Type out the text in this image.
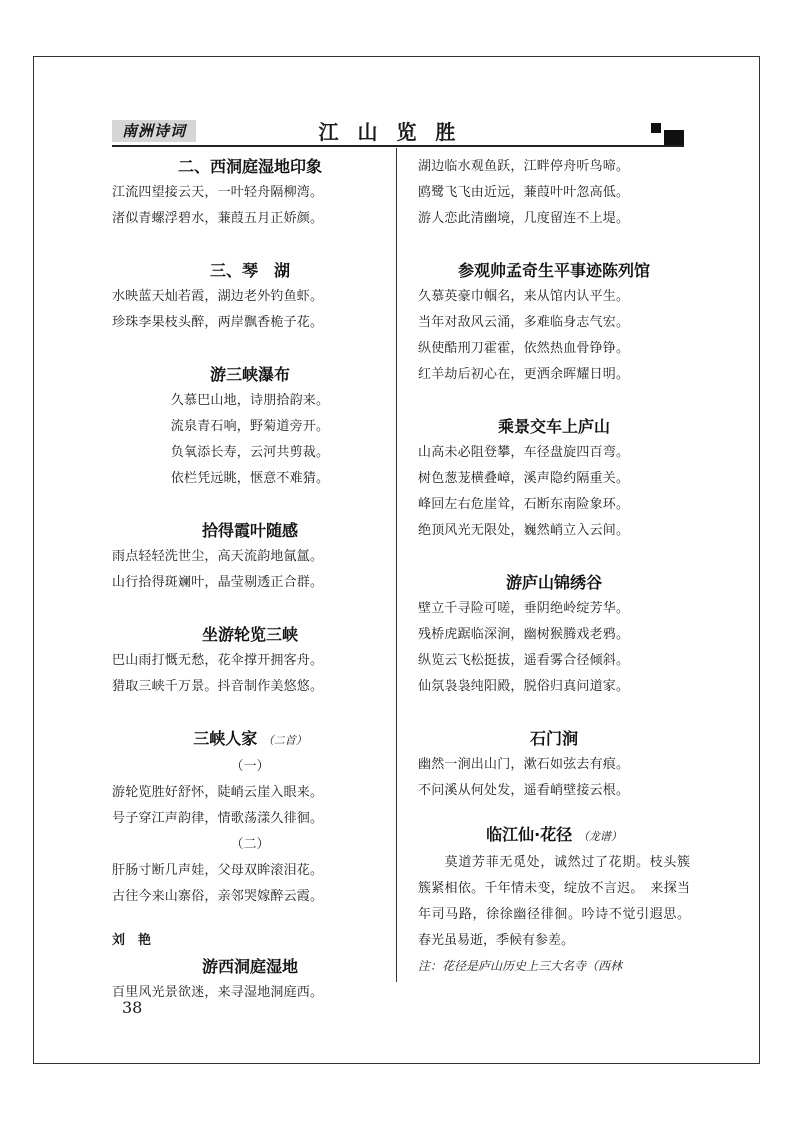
南洲诗词	江 山 览 胜
二、西洞庭湿地印象
江流四望接云天，一叶轻舟隔柳湾。
渚似青螺浮碧水，蒹葭五月正娇颜。
三、琴　湖
水映蓝天灿若霞，湖边老外钓鱼虾。
珍珠李果枝头醉，两岸飘香桅子花。
游三峡瀑布
久慕巴山地，诗朋拾韵来。
流泉青石响，野菊道旁开。
负氧添长寿，云河共剪裁。
依栏凭远眺，惬意不难猜。
拾得霞叶随感
雨点轻轻洗世尘，高天流韵地氤氲。
山行拾得斑斓叶，晶莹剔透正合群。
坐游轮览三峡
巴山雨打慨无愁，花伞撑开拥客舟。
猎取三峡千万景。抖音制作美悠悠。
三峡人家 （二首）
（一）
游轮览胜好舒怀，陡峭云崖入眼来。
号子穿江声韵律，情歌荡漾久徘徊。
（二）
肝肠寸断几声娃，父母双眸滚泪花。
古往今来山寨俗，亲邻哭嫁醉云霞。
刘　艳
游西洞庭湿地
百里风光景欲迷，来寻湿地洞庭西。
湖边临水观鱼跃，江畔停舟听鸟啼。
鸥鹭飞飞由近远，蒹葭叶叶忽高低。
游人恋此清幽境，几度留连不上堤。
参观帅孟奇生平事迹陈列馆
久慕英豪巾帼名，来从馆内认平生。
当年对敌风云涌，多难临身志气宏。
纵使酷刑刀霍霍，依然热血骨铮铮。
红羊劫后初心在，更洒余晖耀日明。
乘景交车上庐山
山高未必阻登攀，车径盘旋四百弯。
树色葱茏横叠嶂，溪声隐约隔重关。
峰回左右危崖耸，石断东南险象环。
绝顶风光无限处，巍然峭立入云间。
游庐山锦绣谷
壁立千寻险可嗟，垂阴绝岭绽芳华。
残桥虎踞临深涧，幽树猴腾戏老鸦。
纵览云飞松挺拔，遥看雾合径倾斜。
仙氛袅袅纯阳殿，脱俗归真问道家。
石门涧
幽然一涧出山门，漱石如弦去有痕。
不问溪从何处发，遥看峭壁接云根。
临江仙·花径 （龙谱）
莫道芳菲无觅处，诚然过了花期。枝头簇簇紧相依。千年情未变，绽放不言迟。　来探当年司马路，徐徐幽径徘徊。吟诗不觉引遐思。春光虽易逝，季候有参差。
注：花径是庐山历史上三大名寺（西林
38
